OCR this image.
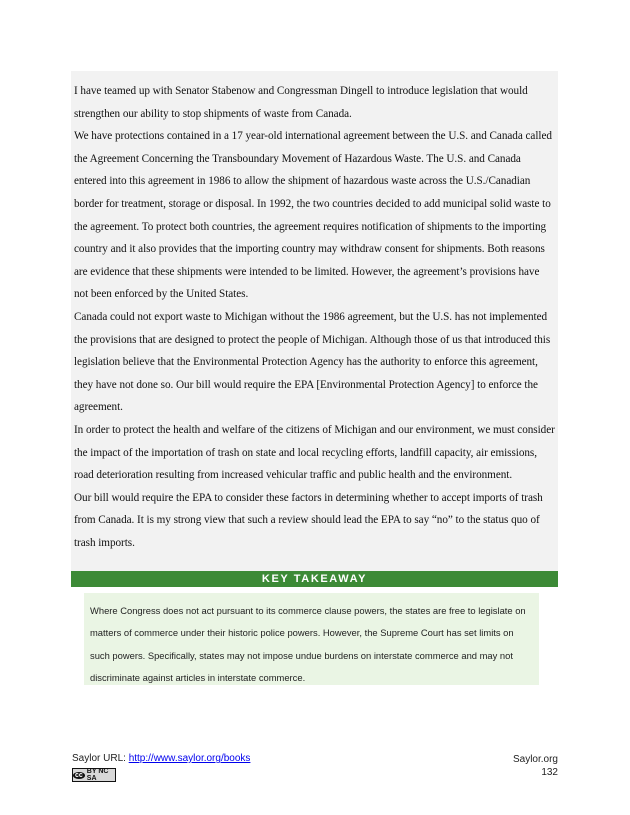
I have teamed up with Senator Stabenow and Congressman Dingell to introduce legislation that would strengthen our ability to stop shipments of waste from Canada.

We have protections contained in a 17 year-old international agreement between the U.S. and Canada called the Agreement Concerning the Transboundary Movement of Hazardous Waste. The U.S. and Canada entered into this agreement in 1986 to allow the shipment of hazardous waste across the U.S./Canadian border for treatment, storage or disposal. In 1992, the two countries decided to add municipal solid waste to the agreement. To protect both countries, the agreement requires notification of shipments to the importing country and it also provides that the importing country may withdraw consent for shipments. Both reasons are evidence that these shipments were intended to be limited. However, the agreement’s provisions have not been enforced by the United States.

Canada could not export waste to Michigan without the 1986 agreement, but the U.S. has not implemented the provisions that are designed to protect the people of Michigan. Although those of us that introduced this legislation believe that the Environmental Protection Agency has the authority to enforce this agreement, they have not done so. Our bill would require the EPA [Environmental Protection Agency] to enforce the agreement.

In order to protect the health and welfare of the citizens of Michigan and our environment, we must consider the impact of the importation of trash on state and local recycling efforts, landfill capacity, air emissions, road deterioration resulting from increased vehicular traffic and public health and the environment.

Our bill would require the EPA to consider these factors in determining whether to accept imports of trash from Canada. It is my strong view that such a review should lead the EPA to say “no” to the status quo of trash imports.

KEY TAKEAWAY

Where Congress does not act pursuant to its commerce clause powers, the states are free to legislate on matters of commerce under their historic police powers. However, the Supreme Court has set limits on such powers. Specifically, states may not impose undue burdens on interstate commerce and may not discriminate against articles in interstate commerce.

Saylor URL: http://www.saylor.org/books
cc BY NC SA
Saylor.org
132
